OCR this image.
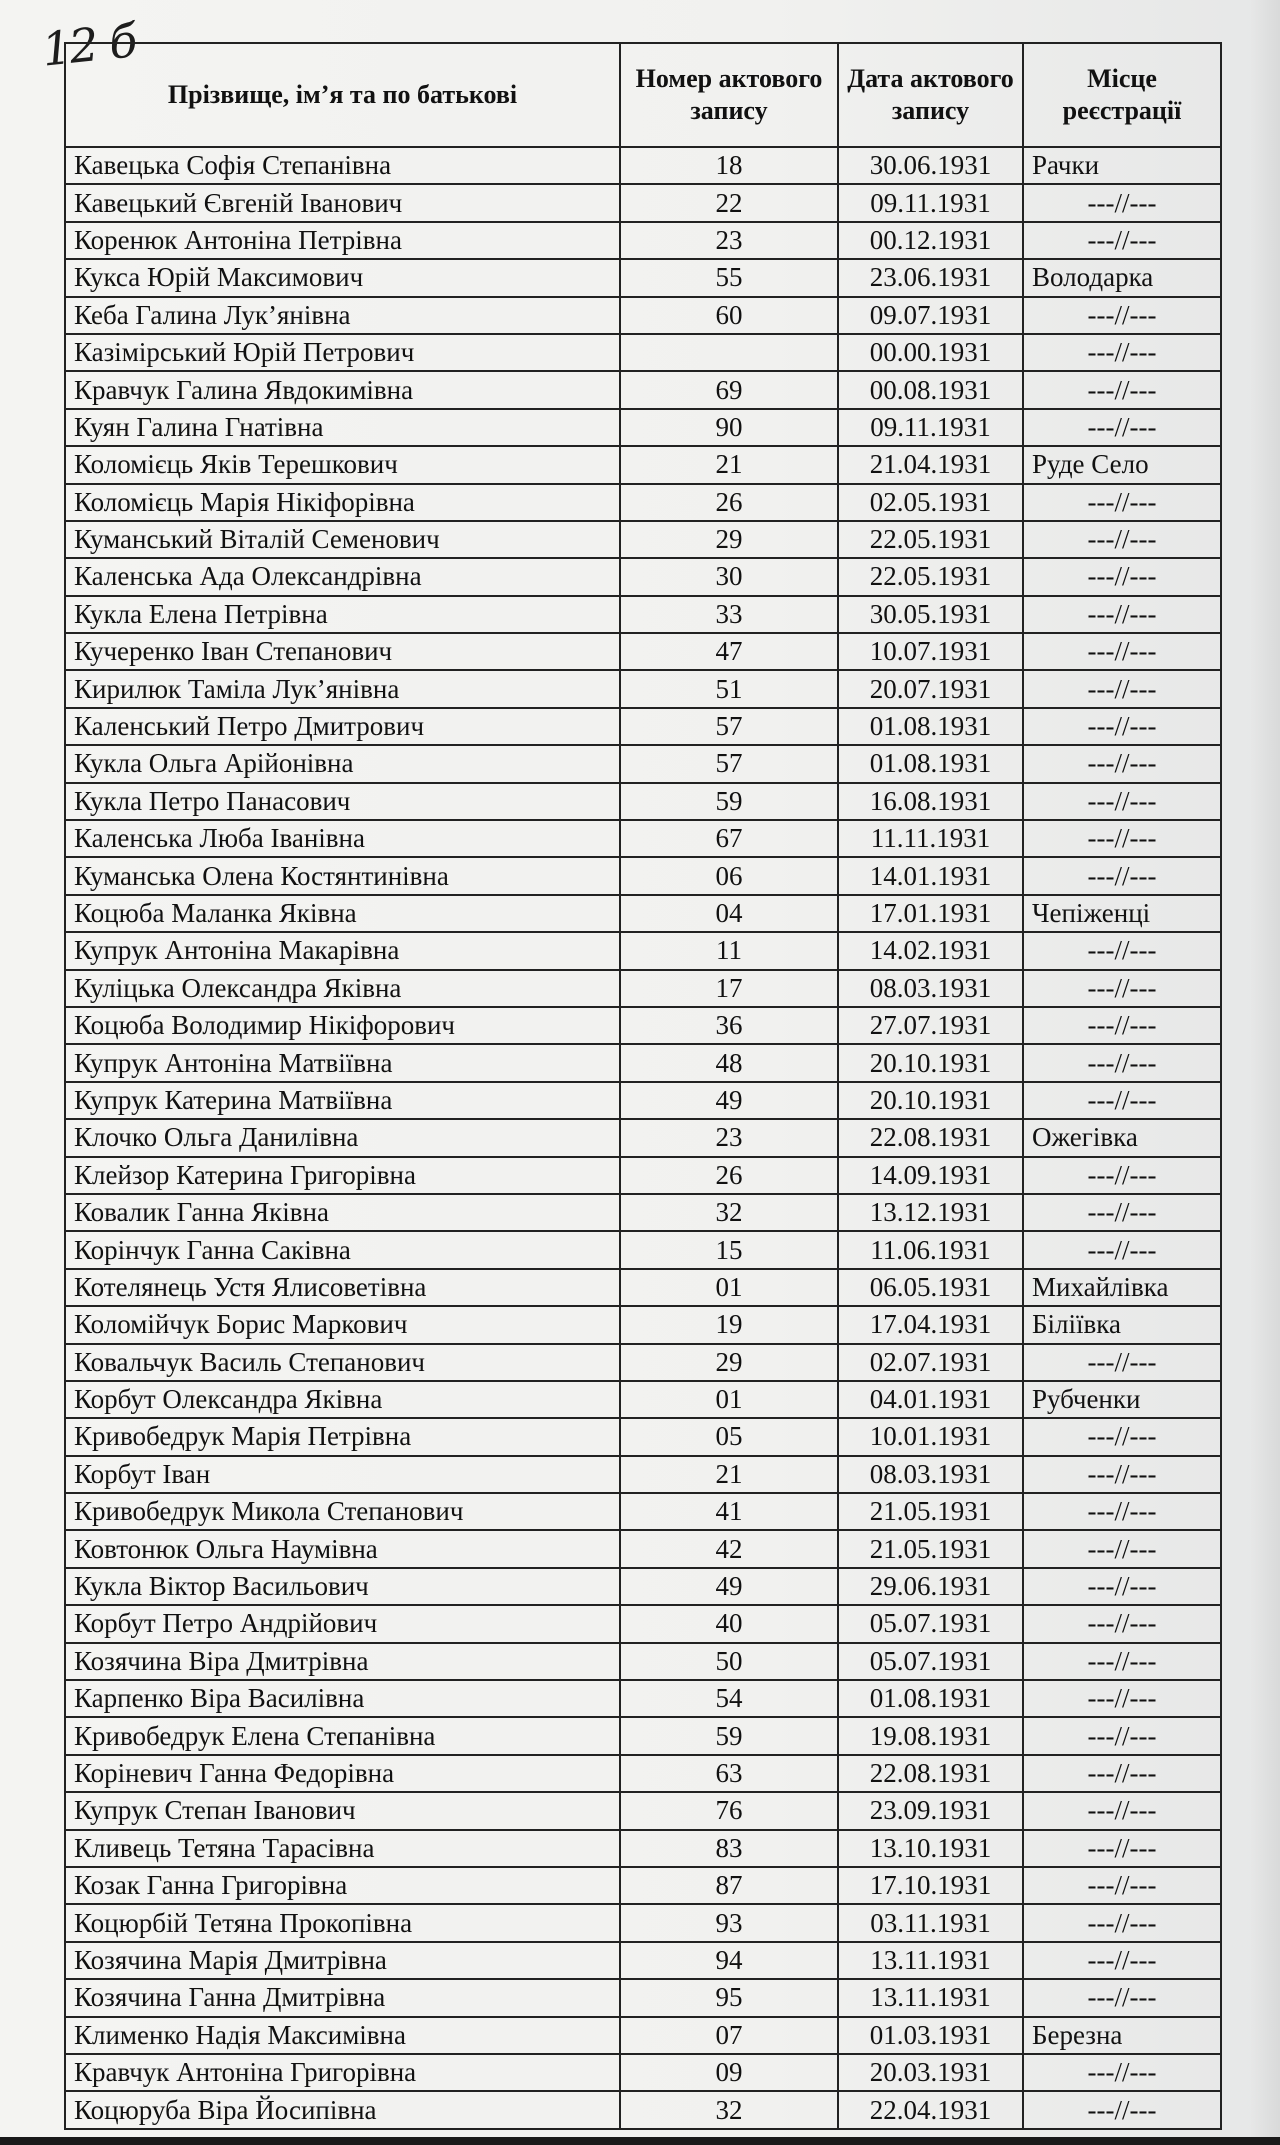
12 б
Прізвище, ім’я та по батькові	Номер актового запису	Дата актового запису	Місце реєстрації
Кавецька Софія Степанівна	18	30.06.1931	Рачки
Кавецький Євгеній Іванович	22	09.11.1931	---//---
Коренюк Антоніна Петрівна	23	00.12.1931	---//---
Кукса Юрій Максимович	55	23.06.1931	Володарка
Кеба Галина Лук’янівна	60	09.07.1931	---//---
Казімірський Юрій Петрович		00.00.1931	---//---
Кравчук Галина Явдокимівна	69	00.08.1931	---//---
Куян Галина Гнатівна	90	09.11.1931	---//---
Коломієць Яків Терешкович	21	21.04.1931	Руде Село
Коломієць Марія Нікіфорівна	26	02.05.1931	---//---
Куманський Віталій Семенович	29	22.05.1931	---//---
Каленська Ада Олександрівна	30	22.05.1931	---//---
Кукла Елена Петрівна	33	30.05.1931	---//---
Кучеренко Іван Степанович	47	10.07.1931	---//---
Кирилюк Таміла Лук’янівна	51	20.07.1931	---//---
Каленський Петро Дмитрович	57	01.08.1931	---//---
Кукла Ольга Арійонівна	57	01.08.1931	---//---
Кукла Петро Панасович	59	16.08.1931	---//---
Каленська Люба Іванівна	67	11.11.1931	---//---
Куманська Олена Костянтинівна	06	14.01.1931	---//---
Коцюба Маланка Яківна	04	17.01.1931	Чепіженці
Купрук Антоніна Макарівна	11	14.02.1931	---//---
Куліцька Олександра Яківна	17	08.03.1931	---//---
Коцюба Володимир Нікіфорович	36	27.07.1931	---//---
Купрук Антоніна Матвіївна	48	20.10.1931	---//---
Купрук Катерина Матвіївна	49	20.10.1931	---//---
Клочко Ольга Данилівна	23	22.08.1931	Ожегівка
Клейзор Катерина Григорівна	26	14.09.1931	---//---
Ковалик Ганна Яківна	32	13.12.1931	---//---
Корінчук Ганна Саківна	15	11.06.1931	---//---
Котелянець Устя Ялисоветівна	01	06.05.1931	Михайлівка
Коломійчук Борис Маркович	19	17.04.1931	Біліївка
Ковальчук Василь Степанович	29	02.07.1931	---//---
Корбут Олександра Яківна	01	04.01.1931	Рубченки
Кривобедрук Марія Петрівна	05	10.01.1931	---//---
Корбут Іван	21	08.03.1931	---//---
Кривобедрук Микола Степанович	41	21.05.1931	---//---
Ковтонюк Ольга Наумівна	42	21.05.1931	---//---
Кукла Віктор Васильович	49	29.06.1931	---//---
Корбут Петро Андрійович	40	05.07.1931	---//---
Козячина Віра Дмитрівна	50	05.07.1931	---//---
Карпенко Віра Василівна	54	01.08.1931	---//---
Кривобедрук Елена Степанівна	59	19.08.1931	---//---
Коріневич Ганна Федорівна	63	22.08.1931	---//---
Купрук Степан Іванович	76	23.09.1931	---//---
Кливець Тетяна Тарасівна	83	13.10.1931	---//---
Козак Ганна Григорівна	87	17.10.1931	---//---
Коцюрбій Тетяна Прокопівна	93	03.11.1931	---//---
Козячина Марія Дмитрівна	94	13.11.1931	---//---
Козячина Ганна Дмитрівна	95	13.11.1931	---//---
Клименко Надія Максимівна	07	01.03.1931	Березна
Кравчук Антоніна Григорівна	09	20.03.1931	---//---
Коцюруба Віра Йосипівна	32	22.04.1931	---//---
